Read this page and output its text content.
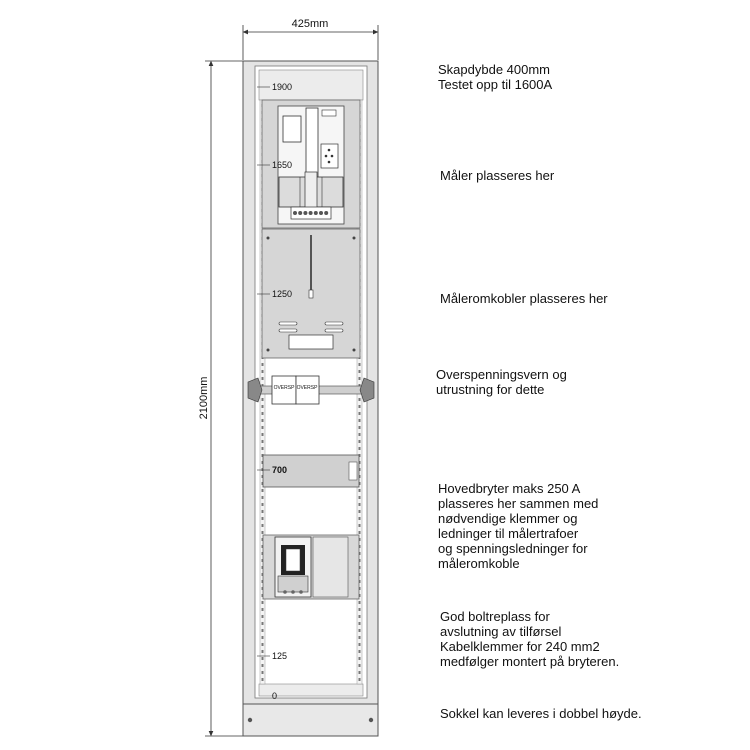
425mm
2100mm	OVERSP OVERSP
1900
1650
1250
700
125
0
Skapdybde 400mm
Testet opp til 1600A
Måler plasseres her
Måleromkobler plasseres her
Overspenningsvern og
utrustning for dette
Hovedbryter maks 250 A
plasseres her sammen med
nødvendige klemmer og
ledninger til målertrafoer
og spenningsledninger for
måleromkoble
God boltreplass for
avslutning av tilførsel
Kabelklemmer for 240 mm2
medfølger montert på bryteren.
Sokkel kan leveres i dobbel høyde.
